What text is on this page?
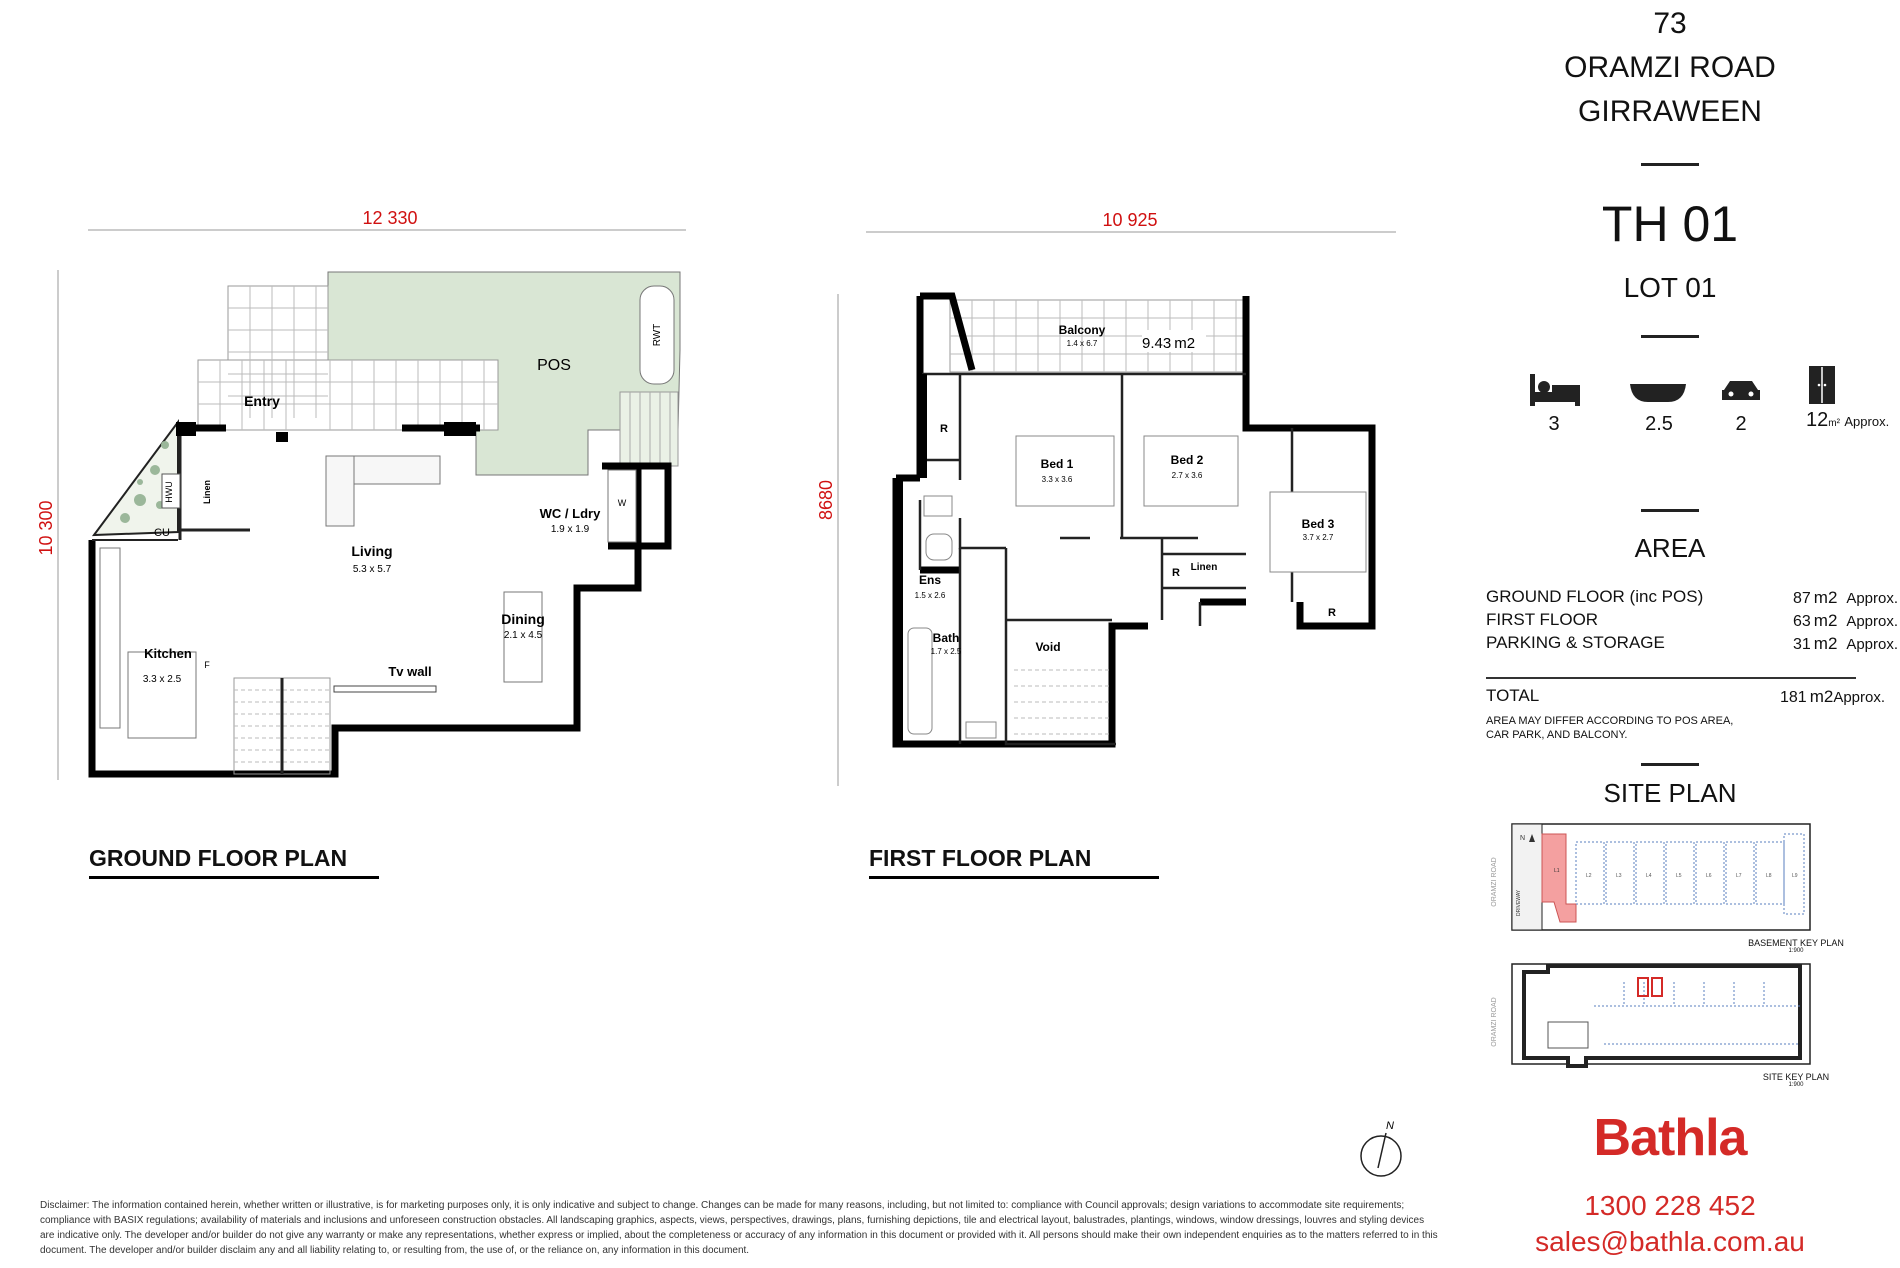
73
ORAMZI ROAD
GIRRAWEEN
TH 01
LOT 01
3	2.5	2	12m² Approx.
AREA
GROUND FLOOR (inc POS)	87 m2 Approx.
FIRST FLOOR	63 m2 Approx.
PARKING & STORAGE	31 m2 Approx.
TOTAL	181 m2Approx.
AREA MAY DIFFER ACCORDING TO POS AREA,
CAR PARK, AND BALCONY.
SITE PLAN
ORAMZI ROAD	DRIVEWAY
N
L1
L2	L3	L4	L5	L6	L7	L8	L9
BASEMENT KEY PLAN
1:900
ORAMZI ROAD
SITE KEY PLAN
1:900
Bathla
1300 228 452
sales@bathla.com.au
N
Disclaimer: The information contained herein, whether written or illustrative, is for marketing purposes only, it is only indicative and subject to change. Changes can be made for many reasons, including, but not limited to: compliance with Council approvals; design variations to accommodate site requirements; compliance with BASIX regulations; availability of materials and inclusions and unforeseen construction obstacles. All landscaping graphics, aspects, views, perspectives, drawings, plans, furnishing depictions, tile and electrical layout, balustrades, plantings, windows, window dressings, louvres and styling devices are indicative only. The developer and/or builder do not give any warranty or make any representations, whether express or implied, about the completeness or accuracy of any information in this document or provided with it. All persons should make their own independent enquiries as to the matters referred to in this document. The developer and/or builder disclaim any and all liability relating to, or resulting from, the use of, or the reliance on, any information in this document.
12 330
10 300
RWT
POS
Entry
Living
5.3 x 5.7
Dining
2.1 x 4.5
W
WC / Ldry
1.9 x 1.9
HWU	Linen
CU
Kitchen
3.3 x 2.5
F	Tv wall
GROUND FLOOR PLAN
10 925
8680
Balcony
1.4 x 6.7	9.43 m2
R
R
R
Linen
Bed 1
3.3 x 3.6
Bed 2
2.7 x 3.6
Bed 3
3.7 x 2.7
Ens
1.5 x 2.6
Bath
1.7 x 2.5	Void
FIRST FLOOR PLAN
